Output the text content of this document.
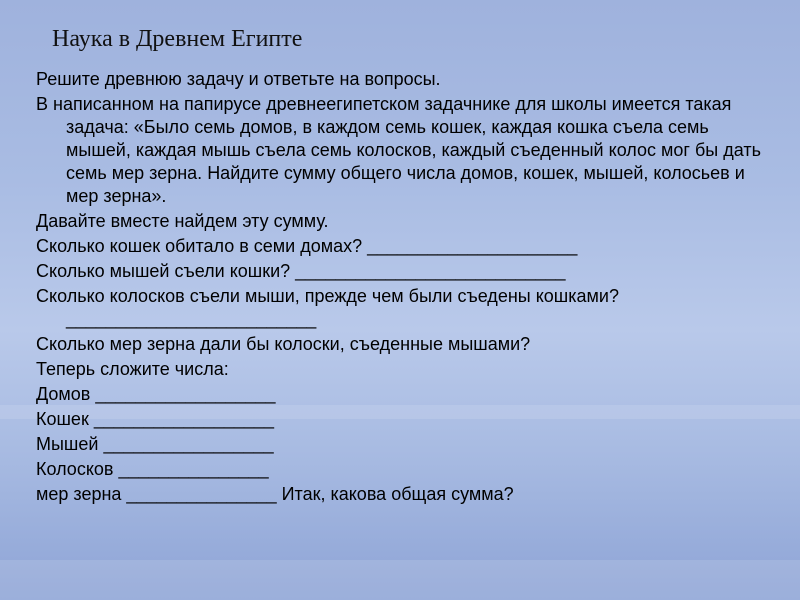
Наука в Древнем Египте
Решите древнюю задачу и ответьте на вопросы.
В написанном на папирусе древнеегипетском задачнике для школы имеется такая задача: «Было семь домов, в каждом семь кошек, каждая кошка съела семь мышей, каждая мышь съела семь колосков, каждый съеденный колос мог бы дать семь мер зерна. Найдите сумму общего числа домов, кошек, мышей, колосьев и мер зерна».
Давайте вместе найдем эту сумму.
Сколько кошек обитало в семи домах? _____________________
Сколько мышей съели кошки? ___________________________
Сколько колосков съели мыши, прежде чем были съедены кошками? _________________________
Сколько мер зерна дали бы колоски, съеденные мышами?
Теперь сложите числа:
Домов __________________
Кошек __________________
Мышей _________________
Колосков _______________
мер зерна _______________ Итак, какова общая сумма?
